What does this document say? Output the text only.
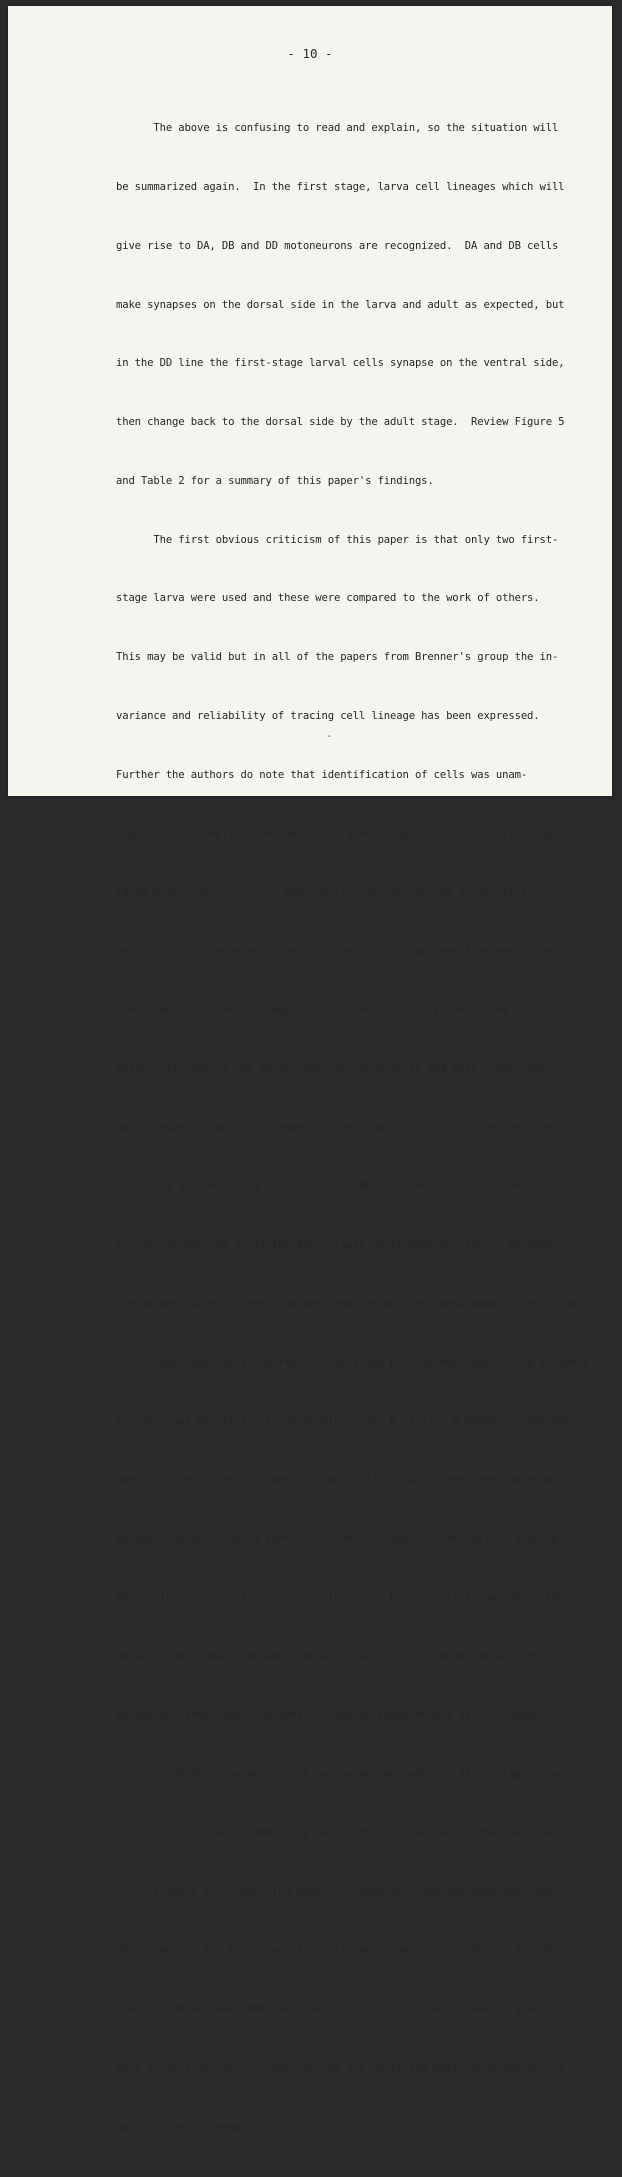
- 10 -

The above is confusing to read and explain, so the situation will

be summarized again.  In the first stage, larva cell lineages which will

give rise to DA, DB and DD motoneurons are recognized.  DA and DB cells

make synapses on the dorsal side in the larva and adult as expected, but

in the DD line the first-stage larval cells synapse on the ventral side,

then change back to the dorsal side by the adult stage.  Review Figure 5

and Table 2 for a summary of this paper's findings.

The first obvious criticism of this paper is that only two first-

stage larva were used and these were compared to the work of others.

This may be valid but in all of the papers from Brenner's group the in-

variance and reliability of tracing cell lineage has been expressed.

Further the authors do note that identification of cells was unam-

biguous.  The implications here are rather simple.  Since a first-stage

larva must swim to survive and functioning ventral and dorsal tail

musculature is necessary, then its innervation can come from one or both

(redundancy) of two strategies:  by either initially developing cells

which will control the dorsal and ventral muscles and then remain that

way through to adult, unchanged, or developing a cell line on one side

initially and modifying a sufficient number of these cells to innervate

the dorsal muscles until the appropriate cells develop later.  Obviously,

the second route is that proposed, and the authors' data appear convincing.

Additional data reported in the study provide more convincing evidence

for neuronal plasticity in developing class D cells.  A mutant strain has

been isolated by Horvitz and Sulston (1977) in which the later developing

motoneurons which would control the ventral musculature fail to develop.

But in the absence of these cells the class D cells still rewired to the

dorsal side.  Hence the adult mutants had only DA, DB and DD neurons.

No neurons innervated the ventral side so these mutant adults showed un-

coordinated body movements, but had normal movement as first-stage larva.

This is particularly compelling and reinforces once again the usefulness

of C. elegans in integrating genetics, behavior, and neuroanatomy, and

development.  The isolation of genetic mutations to corroborate a study

like the above developmental study points out the usefulness of genetics

as a dissecting tool for approaching and verifying basic problems across

many fields of research.

-
